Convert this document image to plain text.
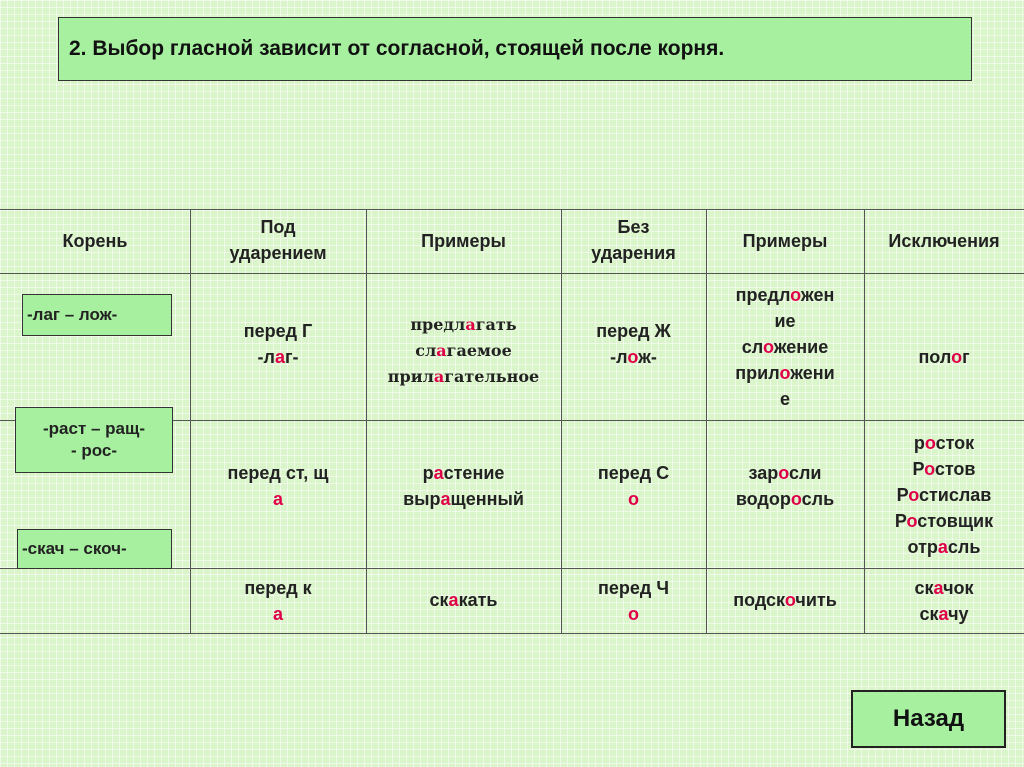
2. Выбор гласной зависит от согласной, стоящей после корня.
Корень
Под
ударением
Примеры
Без
ударения
Примеры	Исключения
перед Г
-лаг-
предлагать
слагаемое
прилагательное
перед Ж
-лож-
предложен
ие
сложение
приложени
е
полог
перед ст, щ
а
растение
выращенный
перед С
о
заросли
водоросль
росток
Ростов
Ростислав
Ростовщик
отрасль
перед к
а
скакать
перед Ч
о
подскочить
скачок
скачу
-лаг – лож-
-раст – ращ-
- рос-
-скач – скоч-
Назад
